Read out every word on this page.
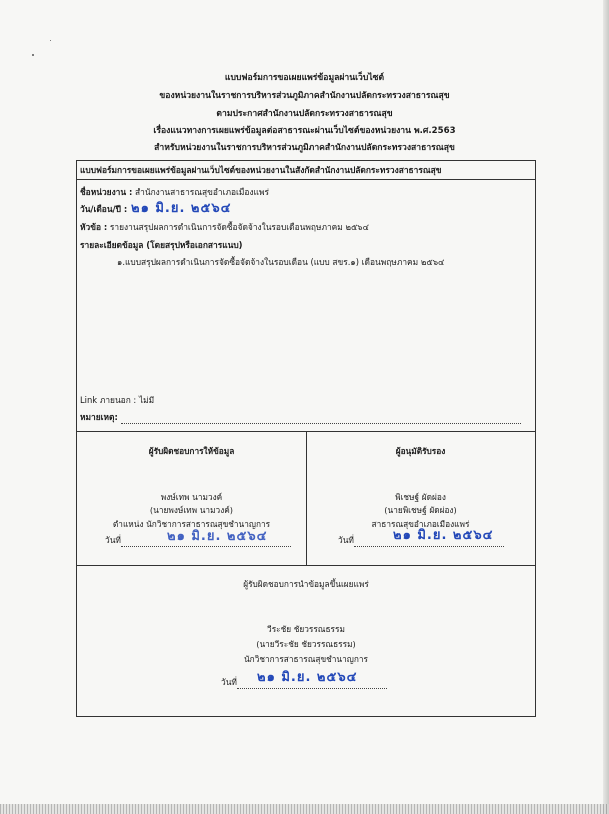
แบบฟอร์มการขอเผยแพร่ข้อมูลผ่านเว็บไซต์
ของหน่วยงานในราชการบริหารส่วนภูมิภาคสำนักงานปลัดกระทรวงสาธารณสุข
ตามประกาศสำนักงานปลัดกระทรวงสาธารณสุข
เรื่องแนวทางการเผยแพร่ข้อมูลต่อสาธารณะผ่านเว็บไซต์ของหน่วยงาน พ.ศ.2563
สำหรับหน่วยงานในราชการบริหารส่วนภูมิภาคสำนักงานปลัดกระทรวงสาธารณสุข
แบบฟอร์มการขอเผยแพร่ข้อมูลผ่านเว็บไซต์ของหน่วยงานในสังกัดสำนักงานปลัดกระทรวงสาธารณสุข
ชื่อหน่วยงาน : สำนักงานสาธารณสุขอำเภอเมืองแพร่
วัน/เดือน/ปี : ๒๑ มิ.ย. ๒๕๖๔
หัวข้อ : รายงานสรุปผลการดำเนินการจัดซื้อจัดจ้างในรอบเดือนพฤษภาคม ๒๕๖๔
รายละเอียดข้อมูล (โดยสรุปหรือเอกสารแนบ)
๑.แบบสรุปผลการดำเนินการจัดซื้อจัดจ้างในรอบเดือน (แบบ สขร.๑) เดือนพฤษภาคม ๒๕๖๔
Link ภายนอก : ไม่มี
หมายเหตุ:
ผู้รับผิดชอบการให้ข้อมูล
พงษ์เทพ นามวงค์
(นายพงษ์เทพ นามวงค์)
ตำแหน่ง นักวิชาการสาธารณสุขชำนาญการ
วันที่	๒๑ มิ.ย. ๒๕๖๔
ผู้อนุมัติรับรอง
พิเชษฐ์ ผัดผ่อง
(นายพิเชษฐ์ ผัดผ่อง)
สาธารณสุขอำเภอเมืองแพร่
วันที่	๒๑ มิ.ย. ๒๕๖๔
ผู้รับผิดชอบการนำข้อมูลขึ้นเผยแพร่
วีระชัย ชัยวรรณธรรม
(นายวีระชัย ชัยวรรณธรรม)
นักวิชาการสาธารณสุขชำนาญการ
วันที่	๒๑ มิ.ย. ๒๕๖๔
